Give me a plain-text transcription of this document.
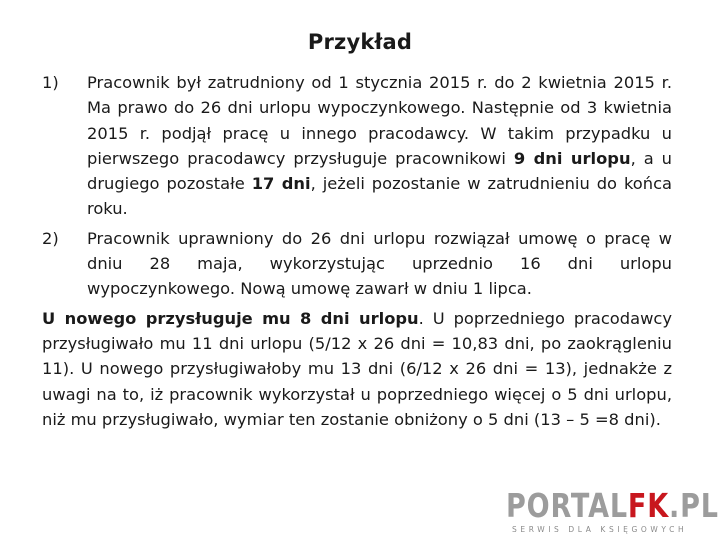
Przykład
1)	Pracownik był zatrudniony od 1 stycznia 2015 r. do 2 kwietnia 2015 r. Ma prawo do 26 dni urlopu wypoczynkowego. Następnie od 3 kwietnia 2015 r. podjął pracę u innego pracodawcy. W takim przypadku u pierwszego pracodawcy przysługuje pracownikowi 9 dni urlopu, a u drugiego pozostałe 17 dni, jeżeli pozostanie w zatrudnieniu do końca roku.
2)	Pracownik uprawniony do 26 dni urlopu rozwiązał umowę o pracę w dniu 28 maja, wykorzystując uprzednio 16 dni urlopu wypoczynkowego. Nową umowę zawarł w dniu 1 lipca.
U nowego przysługuje mu 8 dni urlopu. U poprzedniego pracodawcy przysługiwało mu 11 dni urlopu (5/12 x 26 dni = 10,83 dni, po zaokrągleniu 11). U nowego przysługiwałoby mu 13 dni (6/12 x 26 dni = 13), jednakże z uwagi na to, iż pracownik wykorzystał u poprzedniego więcej o 5 dni urlopu, niż mu przysługiwało, wymiar ten zostanie obniżony o 5 dni (13 – 5 =8 dni).
PORTALFK.PL
SERWIS DLA KSIĘGOWYCH
